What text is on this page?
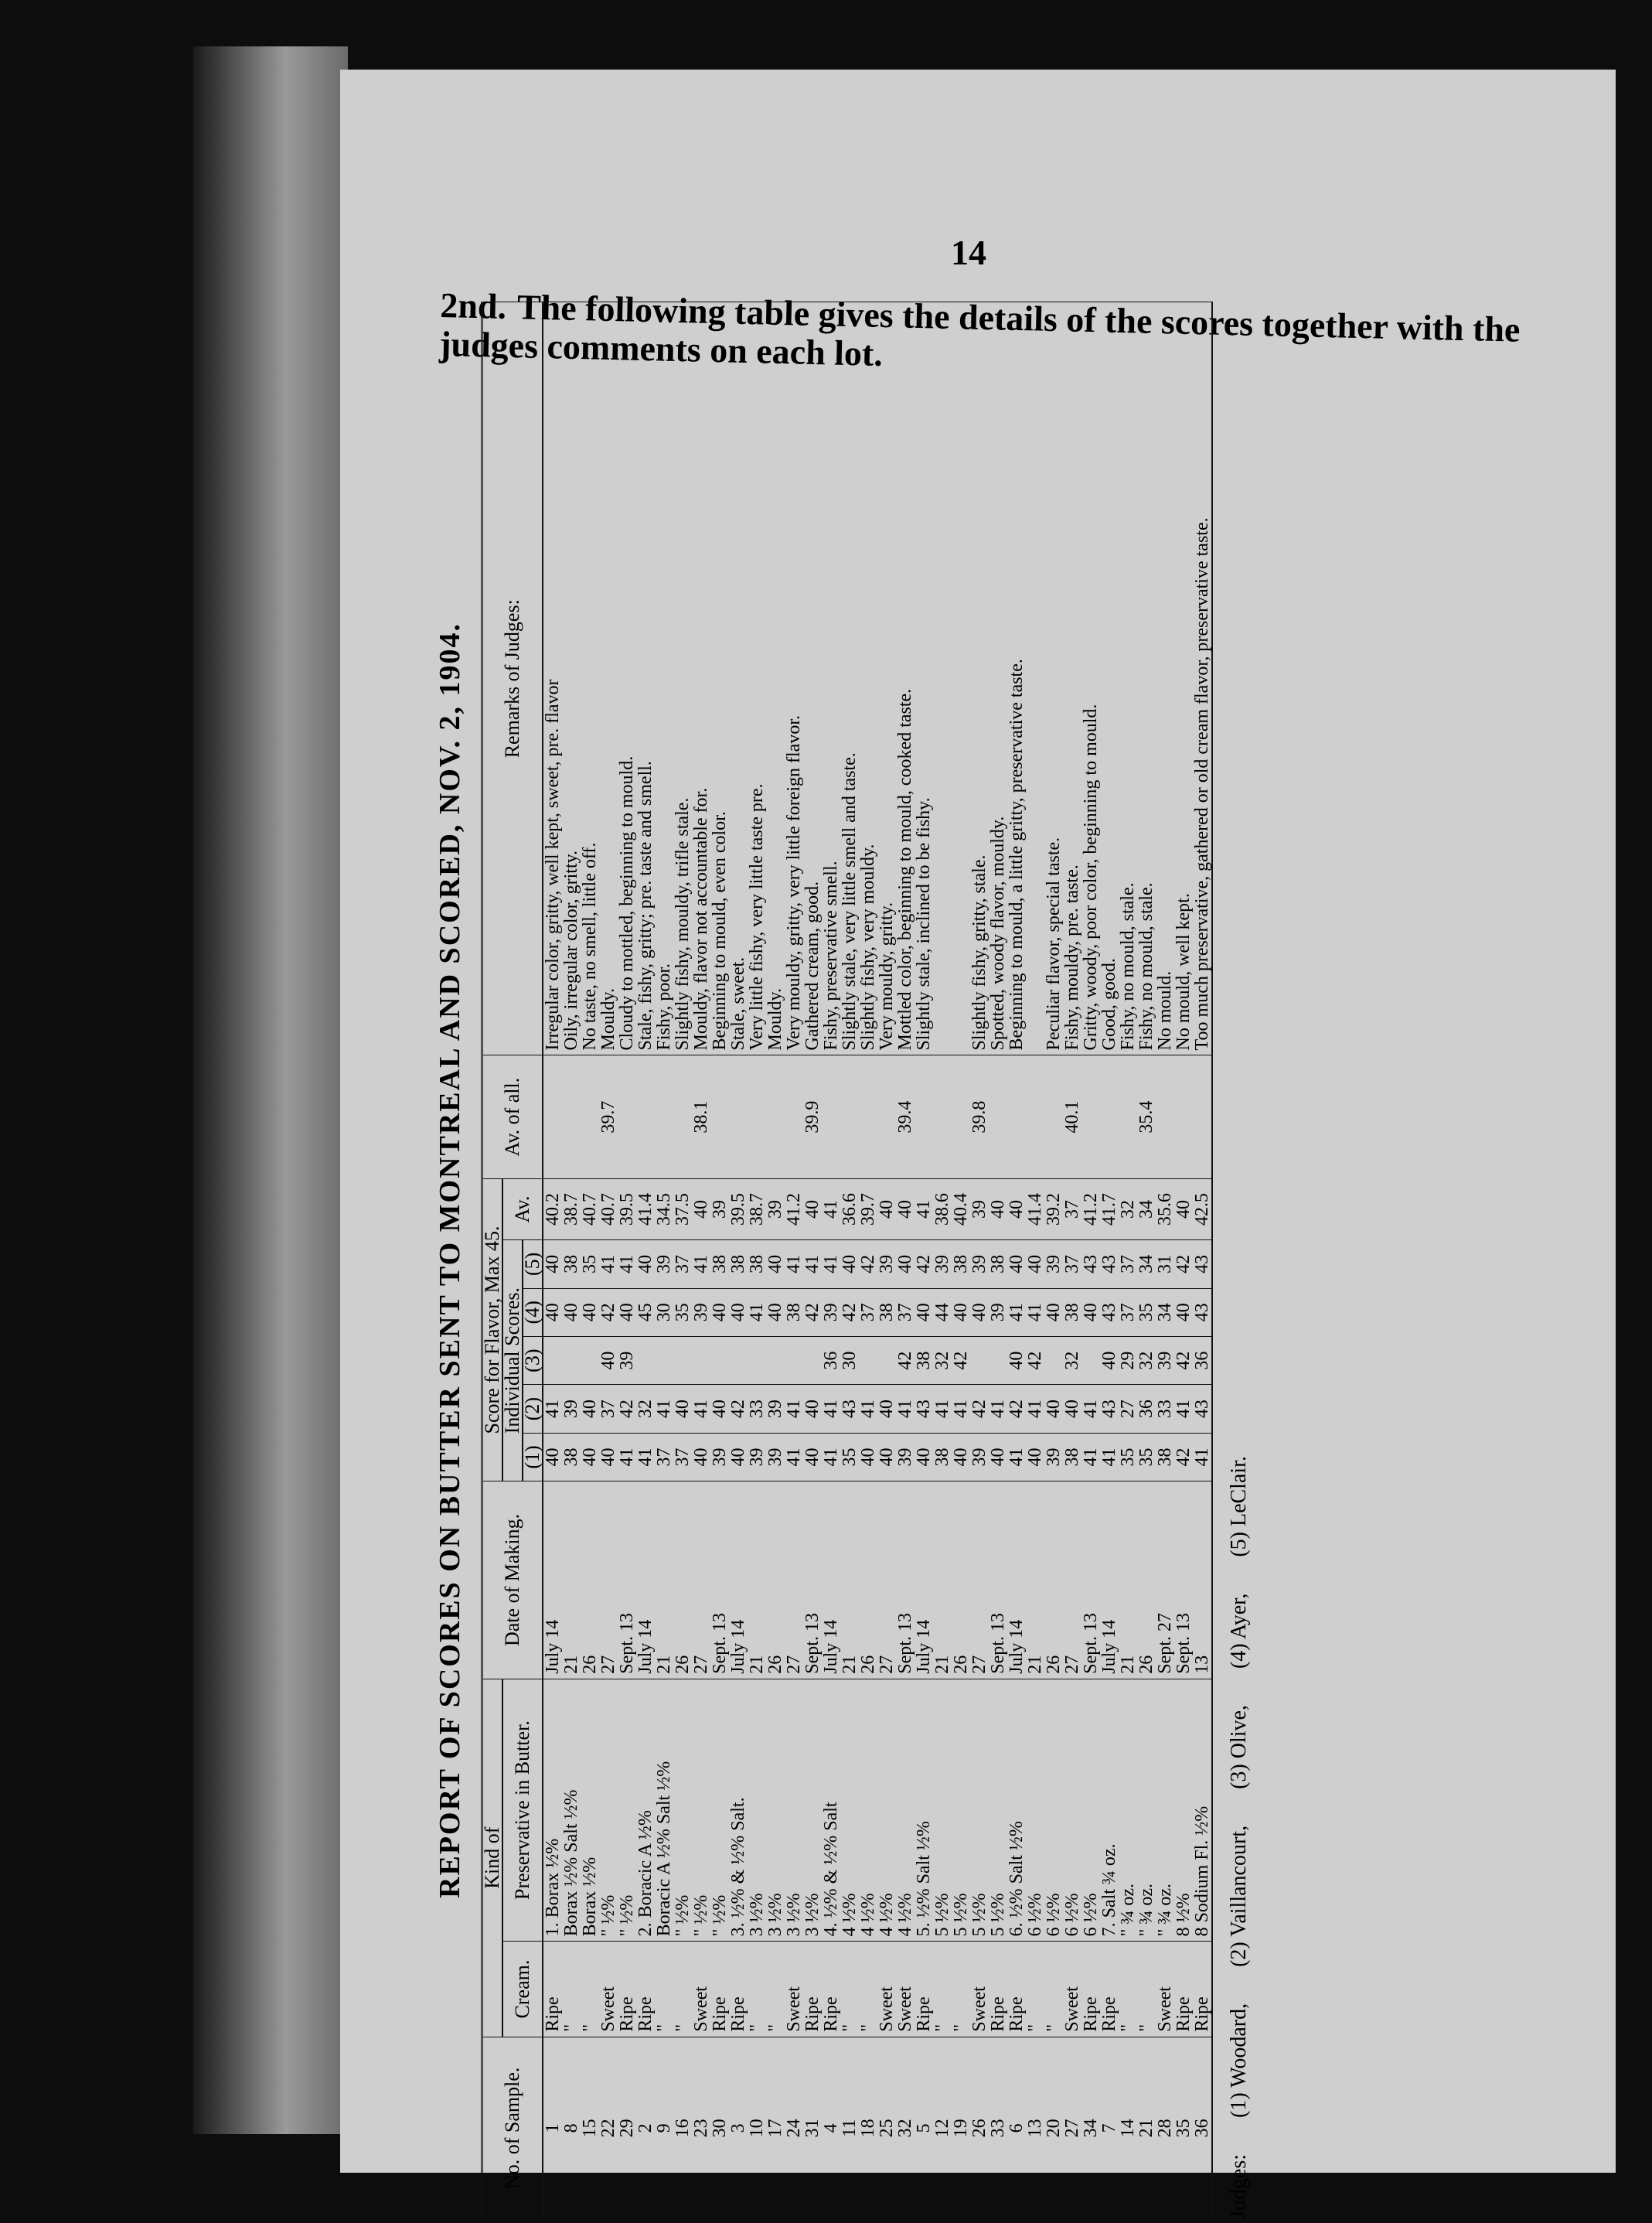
14
2nd. The following table gives the details of the scores together with the judges comments on each lot.
REPORT OF SCORES ON BUTTER SENT TO MONTREAL AND SCORED, NOV. 2, 1904.
No. of Sample.	Kind of		Date of Making.	Score for Flavor, Max 45.						Av. of all.	Remarks of Judges:
	Cream.	Preservative in Butter.		Individual Scores.					Av.		
				(1)	(2)	(3)	(4)	(5)			
1	Ripe	1. Borax ½%	July 14	40	41		40	40	40.2		Irregular color, gritty, well kept, sweet, pre. flavor
8	"	Borax ½% Salt ½%	21	38	39		40	38	38.7		Oily, irregular color, gritty.
15	"	Borax ½%	26	40	40		40	35	40.7		No taste, no smell, little off.
22	Sweet	" ½%	27	40	37	40	42	41	40.7	39.7	Mouldy.
29	Ripe	" ½%	Sept. 13	41	42	39	40	41	39.5		Cloudy to mottled, beginning to mould.
2	Ripe	2. Boracic A ½%	July 14	41	32		45	40	41.4		Stale, fishy, gritty; pre. taste and smell.
9	"	Boracic A ½% Salt ½%	21	37	41		30	39	34.5		Fishy, poor.
16	"	" ½%	26	37	40		35	37	37.5		Slightly fishy, mouldy, trifle stale.
23	Sweet	" ½%	27	40	41		39	41	40	38.1	Mouldy, flavor not accountable for.
30	Ripe	" ½%	Sept. 13	39	40		40	38	39		Beginning to mould, even color.
3	Ripe	3. ½% & ½% Salt.	July 14	40	42		40	38	39.5		Stale, sweet.
10	"	3 ½%	21	39	33		41	38	38.7		Very little fishy, very little taste pre.
17	"	3 ½%	26	39	39		40	40	39		Mouldy.
24	Sweet	3 ½%	27	41	41		38	41	41.2		Very mouldy, gritty, very little foreign flavor.
31	Ripe	3 ½%	Sept. 13	40	40		42	41	40	39.9	Gathered cream, good.
4	Ripe	4. ½% & ½% Salt	July 14	41	41	36	39	41	41		Fishy, preservative smell.
11	"	4 ½%	21	35	43	30	42	40	36.6		Slightly stale, very little smell and taste.
18	"	4 ½%	26	40	41		37	42	39.7		Slightly fishy, very mouldy.
25	Sweet	4 ½%	27	40	40		38	39	40		Very mouldy, gritty.
32	Sweet	4 ½%	Sept. 13	39	41	42	37	40	40	39.4	Mottled color, beginning to mould, cooked taste.
5	Ripe	5. ½% Salt ½%	July 14	40	43	38	40	42	41		Slightly stale, inclined to be fishy.
12	"	5 ½%	21	38	41	32	44	39	38.6		
19	"	5 ½%	26	40	41	42	40	38	40.4		
26	Sweet	5 ½%	27	39	42		40	39	39	39.8	Slightly fishy, gritty, stale.
33	Ripe	5 ½%	Sept. 13	40	41		39	38	40		Spotted, woody flavor, mouldy.
6	Ripe	6. ½% Salt ½%	July 14	41	42	40	41	40	40		Beginning to mould, a little gritty, preservative taste.
13	"	6 ½%	21	40	41	42	41	40	41.4		
20	"	6 ½%	26	39	40		40	39	39.2		Peculiar flavor, special taste.
27	Sweet	6 ½%	27	38	40	32	38	37	37	40.1	Fishy, mouldy, pre. taste.
34	Ripe	6 ½%	Sept. 13	41	41		40	43	41.2		Gritty, woody, poor color, beginning to mould.
7	Ripe	7. Salt ¾ oz.	July 14	41	43	40	43	43	41.7		Good, good.
14	"	" ¾ oz.	21	35	27	29	37	37	32		Fishy, no mould, stale.
21	"	" ¾ oz.	26	35	36	32	35	34	34	35.4	Fishy, no mould, stale.
28	Sweet	" ¾ oz.	Sept. 27	38	33	39	34	31	35.6		No mould.
35	Ripe	8 ½%	Sept. 13	42	41	42	40	42	40		No mould, well kept.
36	Ripe	8 Sodium Fl. ½%	13	41	43	36	43	43	42.5		Too much preservative, gathered or old cream flavor, preservative taste.
Judges: (1) Woodard, (2) Vaillancourt, (3) Olive, (4) Ayer, (5) LeClair.
